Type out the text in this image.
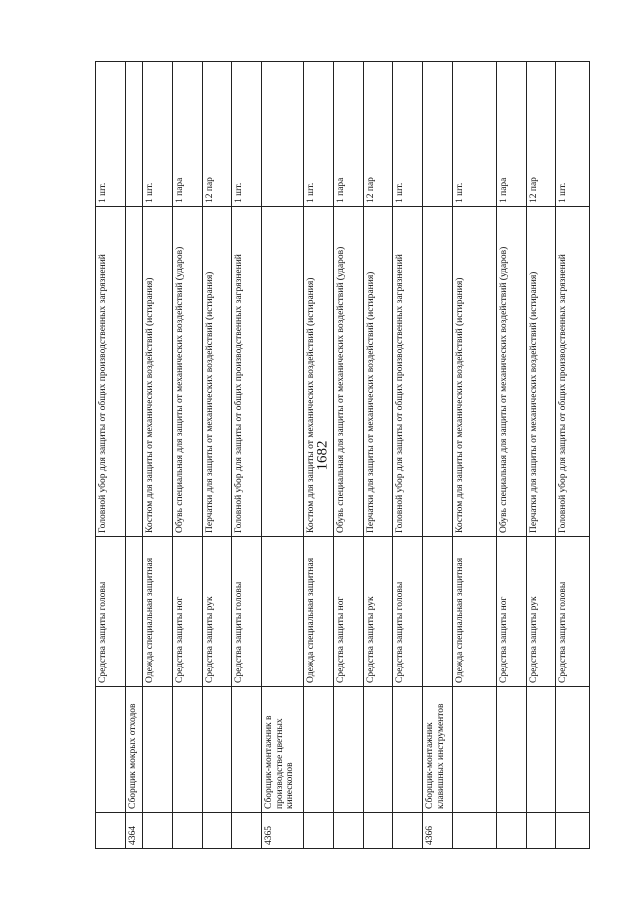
1682
		Средства защиты головы	Головной убор для защиты от общих производственных загрязнений	1 шт.
4364	Сборщик мокрых отходов			
		Одежда специальная защитная	Костюм для защиты от механических воздействий (истирания)	1 шт.
		Средства защиты ног	Обувь специальная для защиты от механических воздействий (ударов)	1 пара
		Средства защиты рук	Перчатки для защиты от механических воздействий (истирания)	12 пар
		Средства защиты головы	Головной убор для защиты от общих производственных загрязнений	1 шт.
4365	Сборщик-монтажник в производстве цветных кинескопов			
		Одежда специальная защитная	Костюм для защиты от механических воздействий (истирания)	1 шт.
		Средства защиты ног	Обувь специальная для защиты от механических воздействий (ударов)	1 пара
		Средства защиты рук	Перчатки для защиты от механических воздействий (истирания)	12 пар
		Средства защиты головы	Головной убор для защиты от общих производственных загрязнений	1 шт.
4366	Сборщик-монтажник клавишных инструментов			
		Одежда специальная защитная	Костюм для защиты от механических воздействий (истирания)	1 шт.
		Средства защиты ног	Обувь специальная для защиты от механических воздействий (ударов)	1 пара
		Средства защиты рук	Перчатки для защиты от механических воздействий (истирания)	12 пар
		Средства защиты головы	Головной убор для защиты от общих производственных загрязнений	1 шт.
